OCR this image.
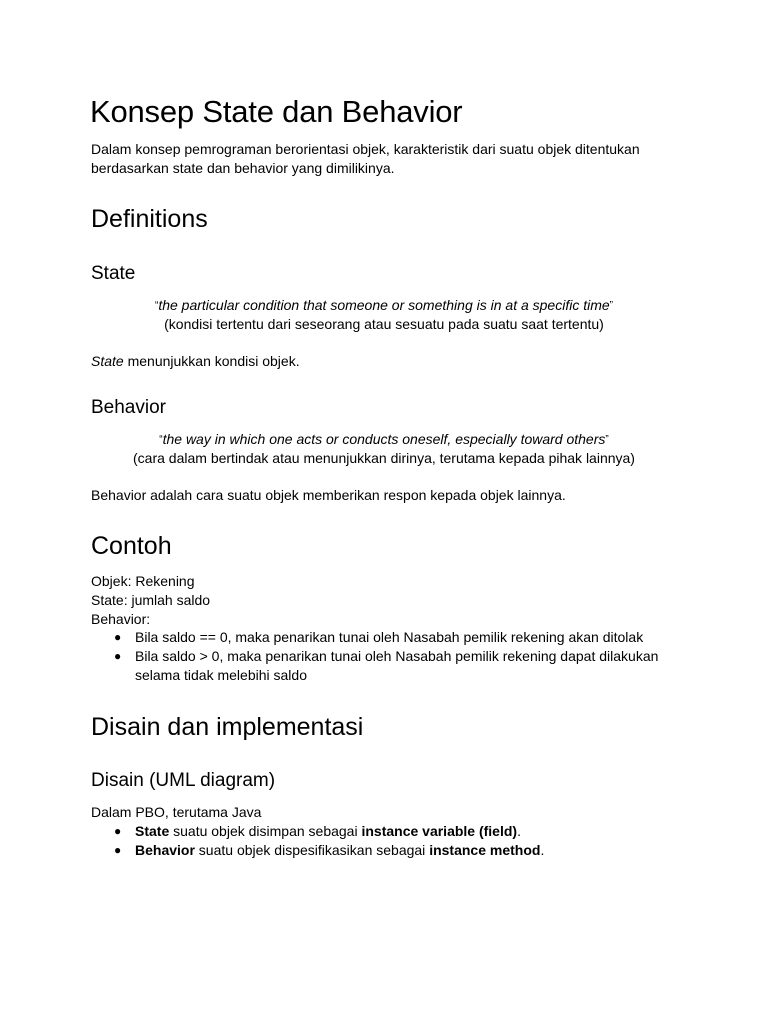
Konsep State dan Behavior
Dalam konsep pemrograman berorientasi objek, karakteristik dari suatu objek ditentukan
berdasarkan state dan behavior yang dimilikinya.
Definitions
State
“the particular condition that someone or something is in at a specific time”
(kondisi tertentu dari seseorang atau sesuatu pada suatu saat tertentu)
State menunjukkan kondisi objek.
Behavior
“the way in which one acts or conducts oneself, especially toward others”
(cara dalam bertindak atau menunjukkan dirinya, terutama kepada pihak lainnya)
Behavior adalah cara suatu objek memberikan respon kepada objek lainnya.
Contoh
Objek: Rekening
State: jumlah saldo
Behavior:
● Bila saldo == 0, maka penarikan tunai oleh Nasabah pemilik rekening akan ditolak
● Bila saldo > 0, maka penarikan tunai oleh Nasabah pemilik rekening dapat dilakukan
selama tidak melebihi saldo
Disain dan implementasi
Disain (UML diagram)
Dalam PBO, terutama Java
● State suatu objek disimpan sebagai instance variable (field).
● Behavior suatu objek dispesifikasikan sebagai instance method.
